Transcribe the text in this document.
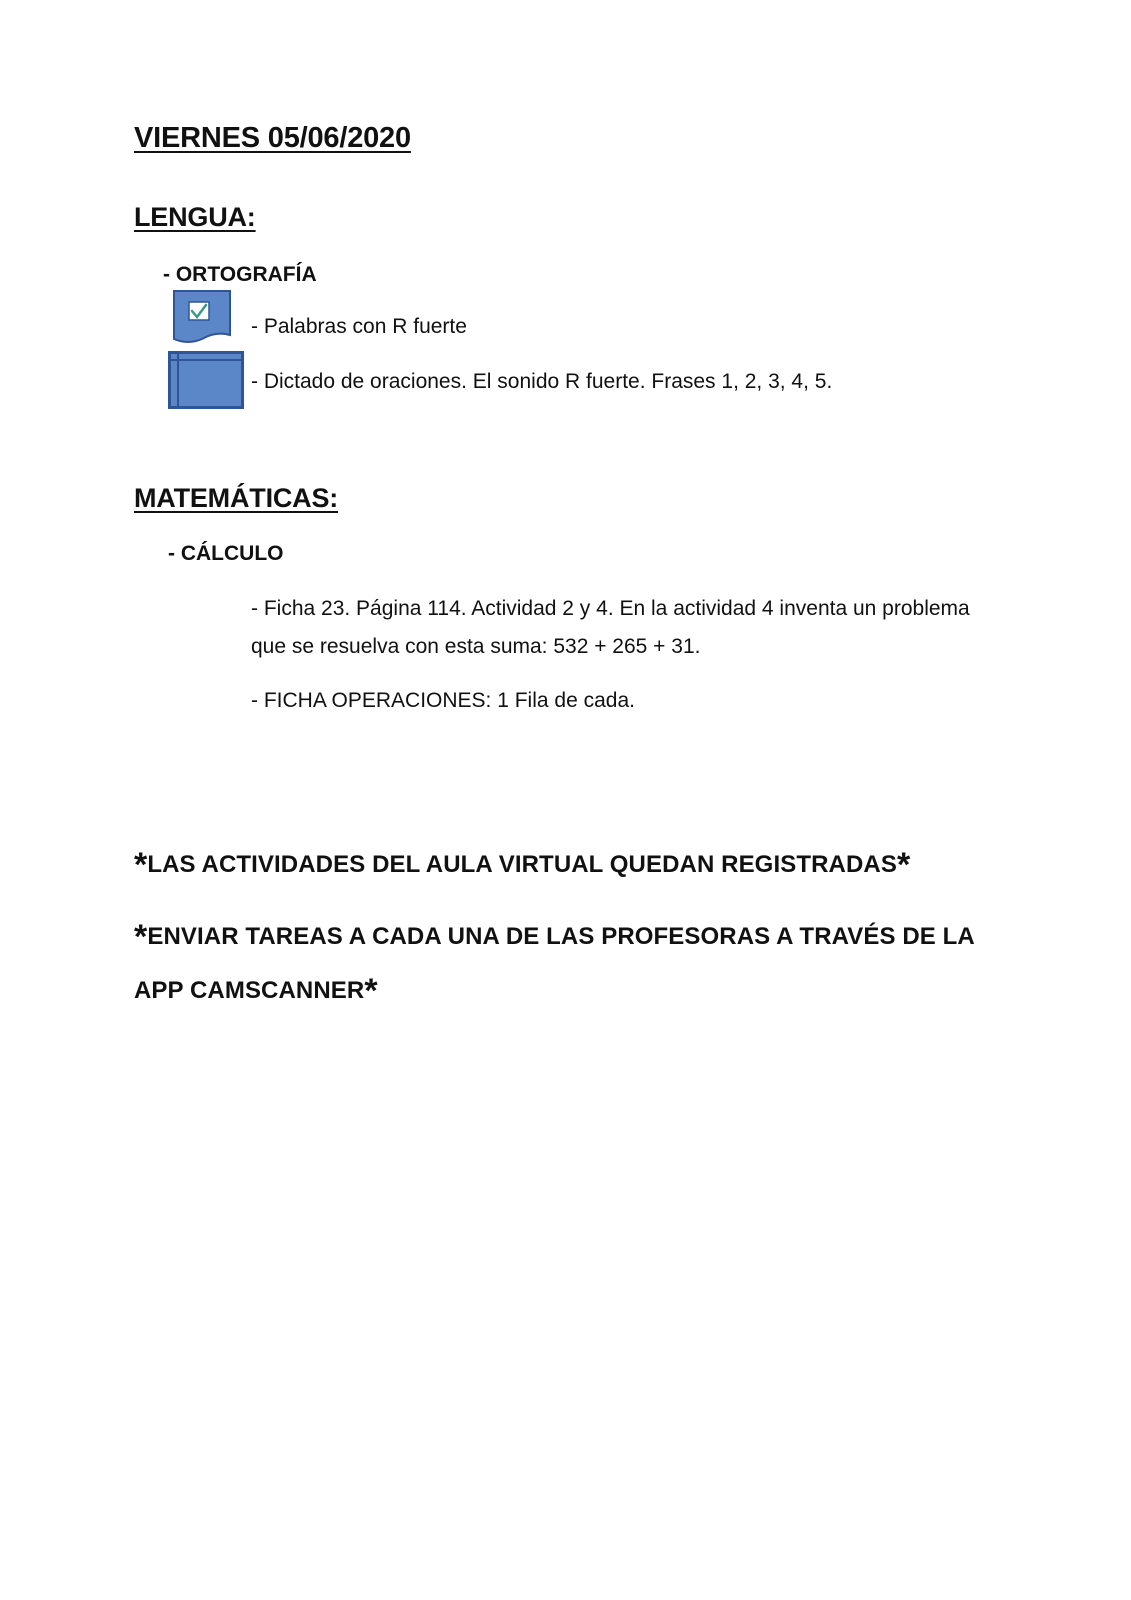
VIERNES 05/06/2020
LENGUA:
- ORTOGRAFÍA
- Palabras con R fuerte
- Dictado de oraciones. El sonido R fuerte. Frases 1, 2, 3, 4, 5.
MATEMÁTICAS:
- CÁLCULO
- Ficha 23. Página 114. Actividad 2 y 4. En la actividad 4 inventa un problema que se resuelva con esta suma: 532 + 265 + 31.
- FICHA OPERACIONES: 1 Fila de cada.
*LAS ACTIVIDADES DEL AULA VIRTUAL QUEDAN REGISTRADAS*
*ENVIAR TAREAS A CADA UNA DE LAS PROFESORAS A TRAVÉS DE LA APP CAMSCANNER*
